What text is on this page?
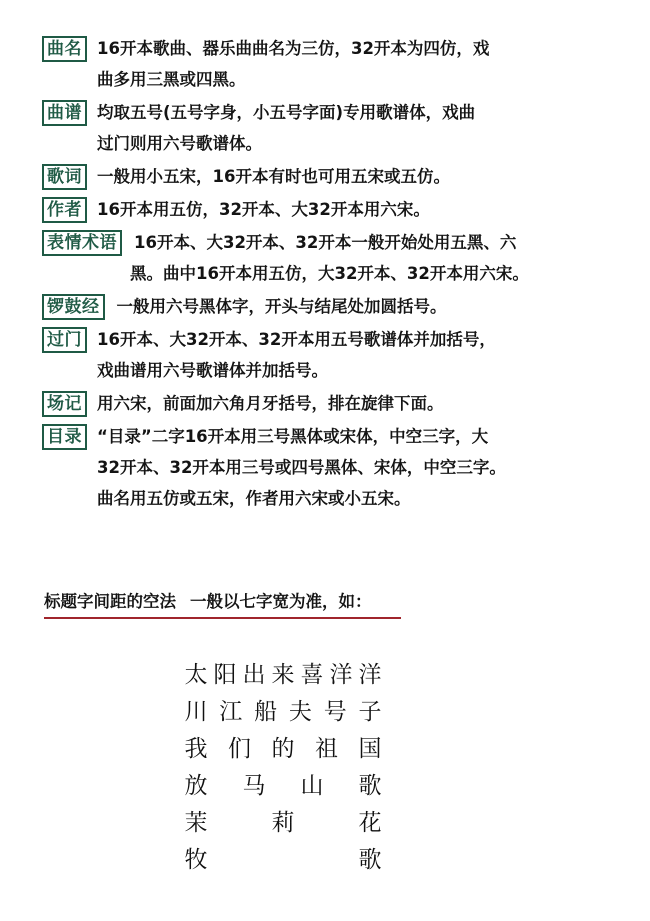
曲名 16开本歌曲、器乐曲曲名为三仿，32开本为四仿，戏
曲多用三黑或四黑。
曲谱 均取五号(五号字身，小五号字面)专用歌谱体，戏曲
过门则用六号歌谱体。
歌词 一般用小五宋，16开本有时也可用五宋或五仿。
作者 16开本用五仿，32开本、大32开本用六宋。
表情术语	16开本、大32开本、32开本一般开始处用五黑、六
黑。曲中16开本用五仿，大32开本、32开本用六宋。
锣鼓经	一般用六号黑体字，开头与结尾处加圆括号。
过门 16开本、大32开本、32开本用五号歌谱体并加括号，
戏曲谱用六号歌谱体并加括号。
场记 用六宋，前面加六角月牙括号，排在旋律下面。
目录 “目录”二字16开本用三号黑体或宋体，中空三字，大
32开本、32开本用三号或四号黑体、宋体，中空三字。
曲名用五仿或五宋，作者用六宋或小五宋。
标题字间距的空法 一般以七字宽为准，如：
太 阳 出 来 喜 洋 洋
川 江 船 夫 号 子
我 们 的 祖 国
放 马 山 歌
茉	莉	花
牧	歌
